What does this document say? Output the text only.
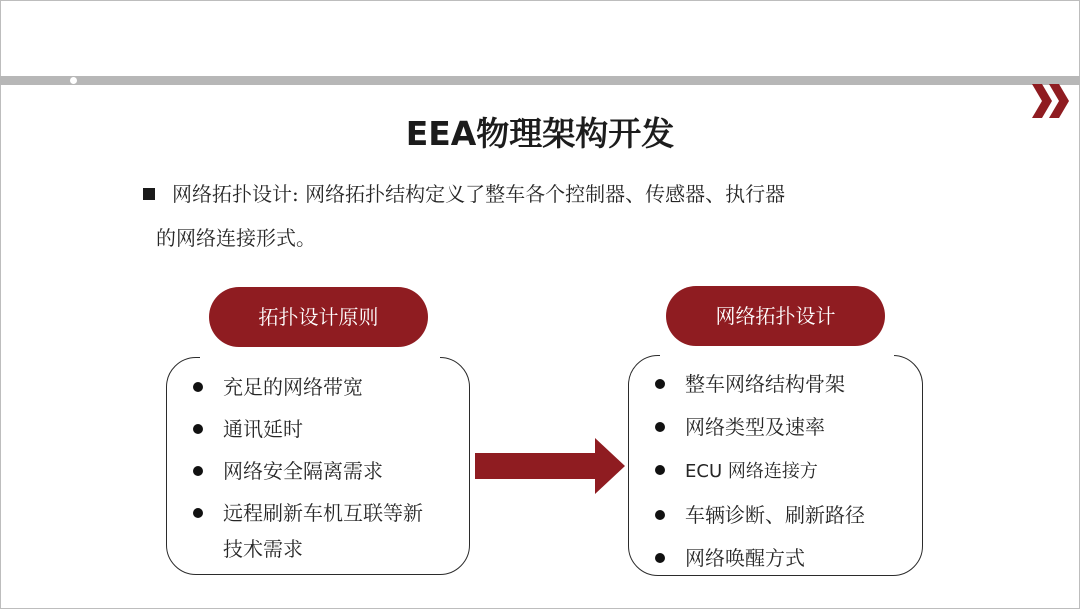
EEA物理架构开发
网络拓扑设计: 网络拓扑结构定义了整车各个控制器、传感器、执行器
的网络连接形式。
拓扑设计原则
充足的网络带宽
通讯延时
网络安全隔离需求
远程刷新车机互联等新
技术需求
网络拓扑设计
整车网络结构骨架
网络类型及速率
ECU 网络连接方
车辆诊断、刷新路径
网络唤醒方式
